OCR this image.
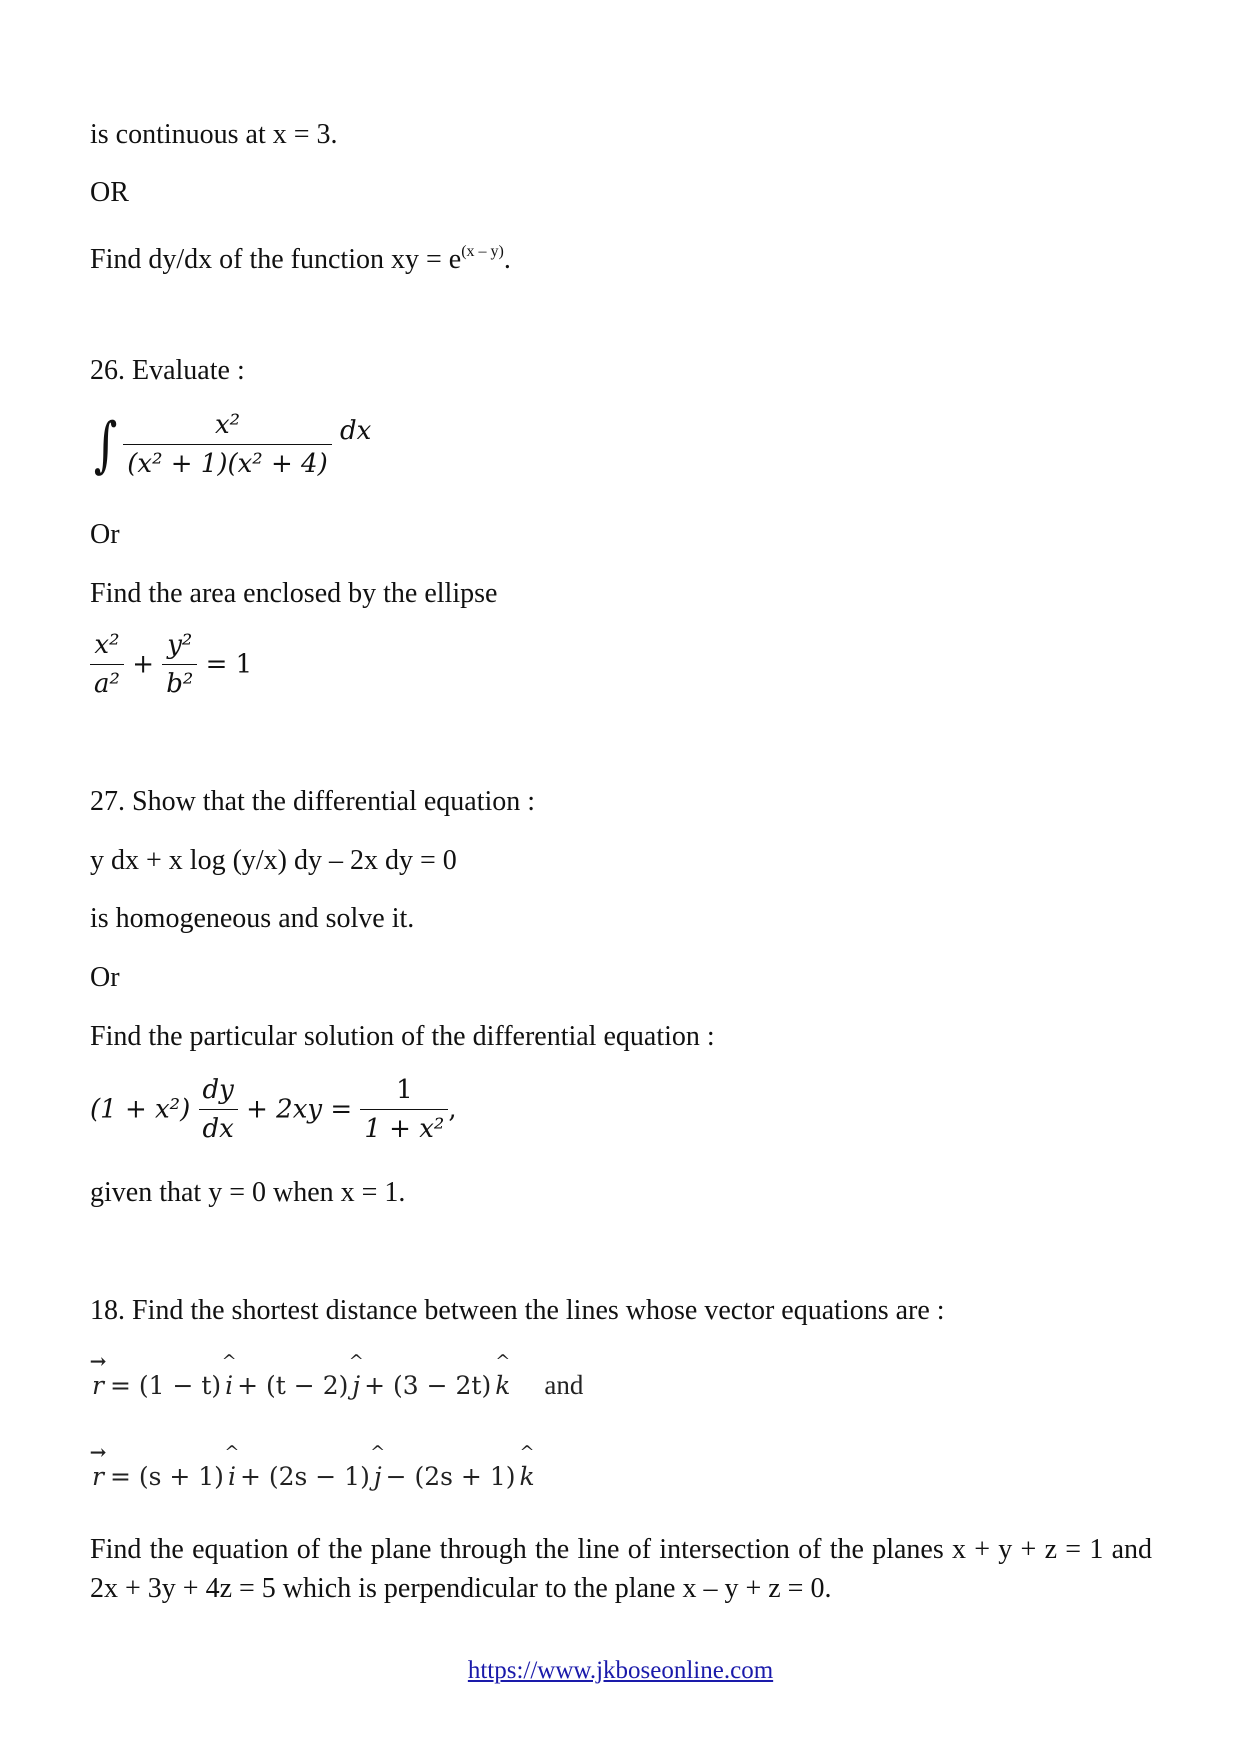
is continuous at x = 3.
OR
Find dy/dx of the function xy = $e^{(x - y)}$.
26. Evaluate :
∫ $\frac{\text{x²}}{\text{(x² + 1)(x² + 4)}}$ dx
Or
Find the area enclosed by the ellipse
$\frac{\text{x²}}{\text{a²}} + \frac{\text{y²}}{\text{b²}} = 1$
27. Show that the differential equation :
y dx + x log (y/x) dy – 2x dy = 0
is homogeneous and solve it.
Or
Find the particular solution of the differential equation :
$(1 + x^2) \frac{dy}{dx} + 2xy = \frac{1}{\text{1 + x²}}$ ,
given that y = 0 when x = 1.
18. Find the shortest distance between the lines whose vector equations are :
→ r = (1 − t) ^ i + (t − 2) ^ j + (3 − 2t) ^ k and
→ r = (s + 1) ^ i + (2s − 1) ^ j − (2s + 1) ^ k
Find the equation of the plane through the line of intersection of the planes x + y + z = 1 and 2x + 3y + 4z = 5 which is perpendicular to the plane x – y + z = 0.
https://www.jkboseonline.com
